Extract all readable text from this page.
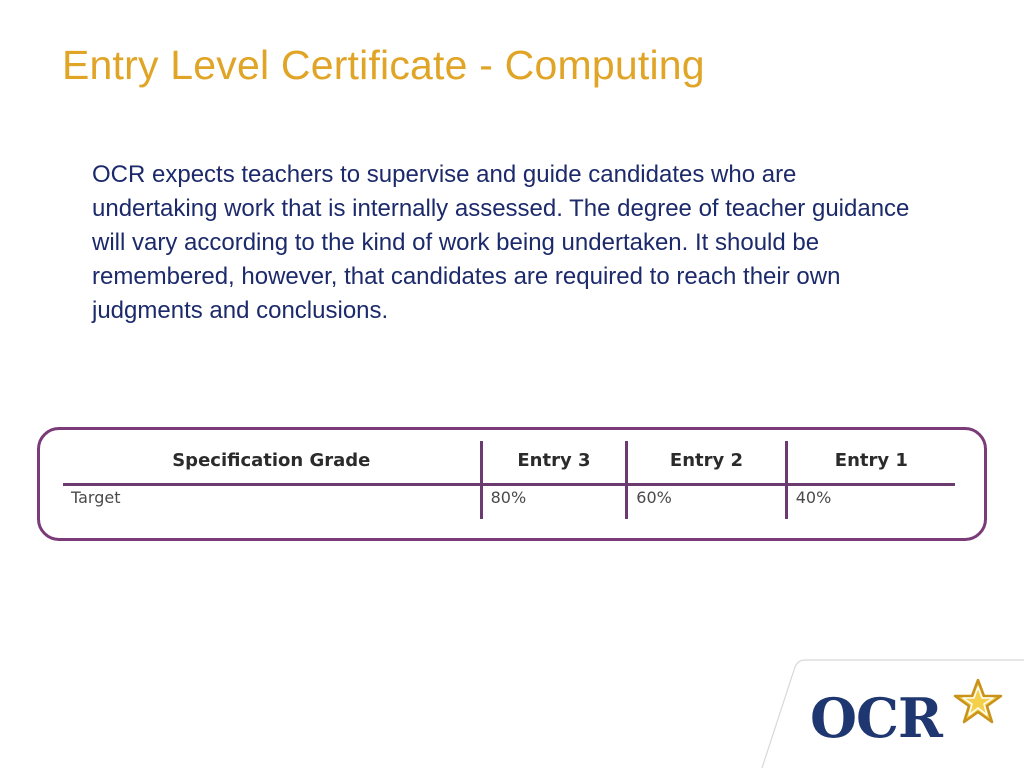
Entry Level Certificate - Computing
OCR expects teachers to supervise and guide candidates who are undertaking work that is internally assessed. The degree of teacher guidance will vary according to the kind of work being undertaken. It should be remembered, however, that candidates are required to reach their own judgments and conclusions.
Specification Grade	Entry 3	Entry 2	Entry 1
Target	80%	60%	40%
OCR
